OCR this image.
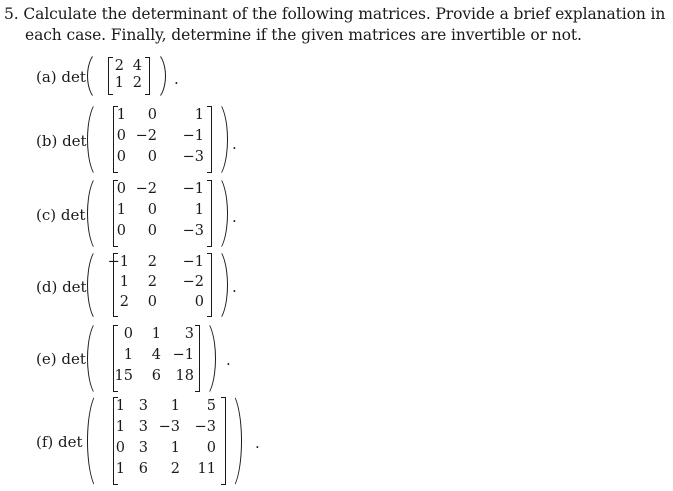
5. Calculate the determinant of the following matrices. Provide a brief explanation in
each case. Finally, determine if the given matrices are invertible or not.
(a) det
2 4
1 2 .
(b) det
1	0	1
0 −2	−1
0	0	−3
.
(c) det
0 −2	−1
1	0	1
0	0	−3
.
(d) det
−1	2	−1
1	2	−2
2	0	0
.
(e) det
0	1	3
1	4 −1
15	6	18
.
(f) det
1 3	1	5
1 3 −3	−3
0 3	1	0
1 6	2	11
.
